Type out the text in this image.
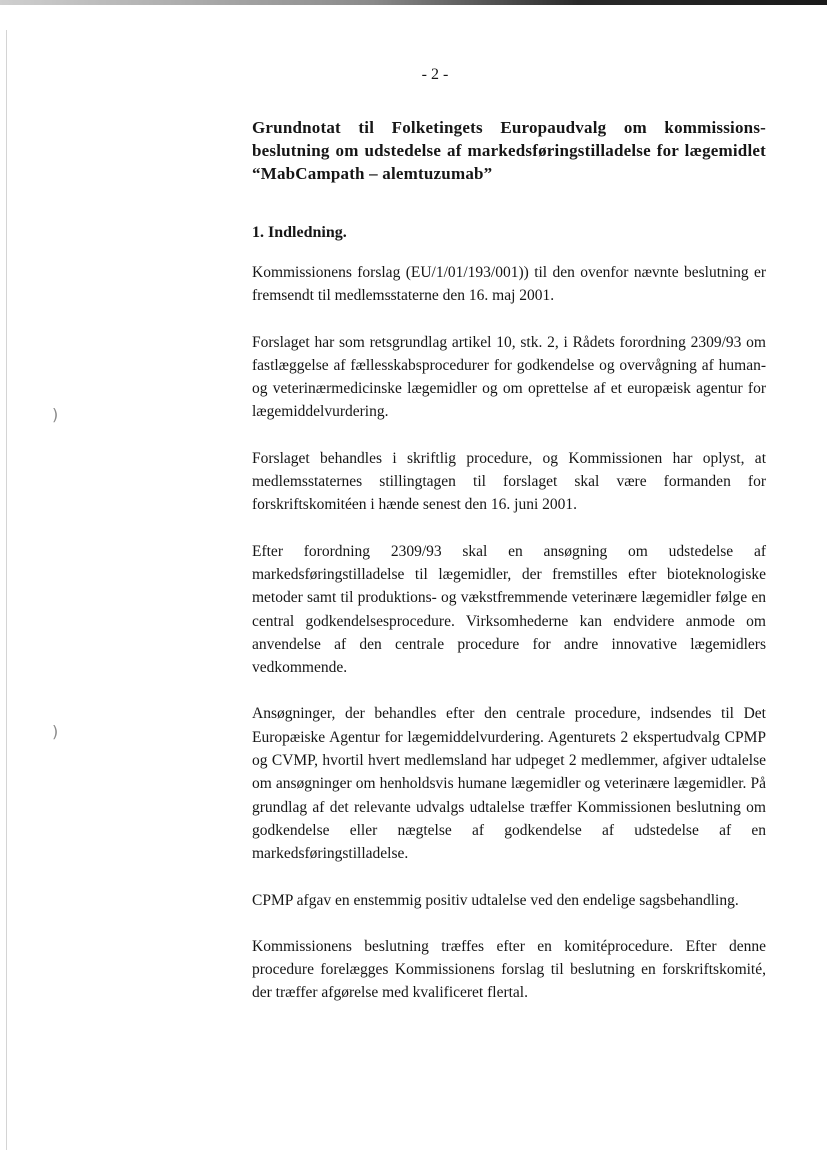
)
)
- 2 -
Grundnotat til Folketingets Europaudvalg om kommissions-beslutning om udstedelse af markedsføringstilladelse for lægemidlet “MabCampath – alemtuzumab”
1. Indledning.

Kommissionens forslag (EU/1/01/193/001)) til den ovenfor nævnte beslutning er fremsendt til medlemsstaterne den 16. maj 2001.

Forslaget har som retsgrundlag artikel 10, stk. 2, i Rådets forordning 2309/93 om fastlæggelse af fællesskabsprocedurer for godkendelse og overvågning af human- og veterinærmedicinske lægemidler og om oprettelse af et europæisk agentur for lægemiddelvurdering.

Forslaget behandles i skriftlig procedure, og Kommissionen har oplyst, at medlemsstaternes stillingtagen til forslaget skal være formanden for forskriftskomitéen i hænde senest den 16. juni 2001.

Efter forordning 2309/93 skal en ansøgning om udstedelse af markedsføringstilladelse til lægemidler, der fremstilles efter bioteknologiske metoder samt til produktions- og vækstfremmende veterinære lægemidler følge en central godkendelsesprocedure. Virksomhederne kan endvidere anmode om anvendelse af den centrale procedure for andre innovative lægemidlers vedkommende.

Ansøgninger, der behandles efter den centrale procedure, indsendes til Det Europæiske Agentur for lægemiddelvurdering. Agenturets 2 ekspertudvalg CPMP og CVMP, hvortil hvert medlemsland har udpeget 2 medlemmer, afgiver udtalelse om ansøgninger om henholdsvis humane lægemidler og veterinære lægemidler. På grundlag af det relevante udvalgs udtalelse træffer Kommissionen beslutning om godkendelse eller nægtelse af godkendelse af udstedelse af en markedsføringstilladelse.

CPMP afgav en enstemmig positiv udtalelse ved den endelige sagsbehandling.

Kommissionens beslutning træffes efter en komitéprocedure. Efter denne procedure forelægges Kommissionens forslag til beslutning en forskriftskomité, der træffer afgørelse med kvalificeret flertal.
